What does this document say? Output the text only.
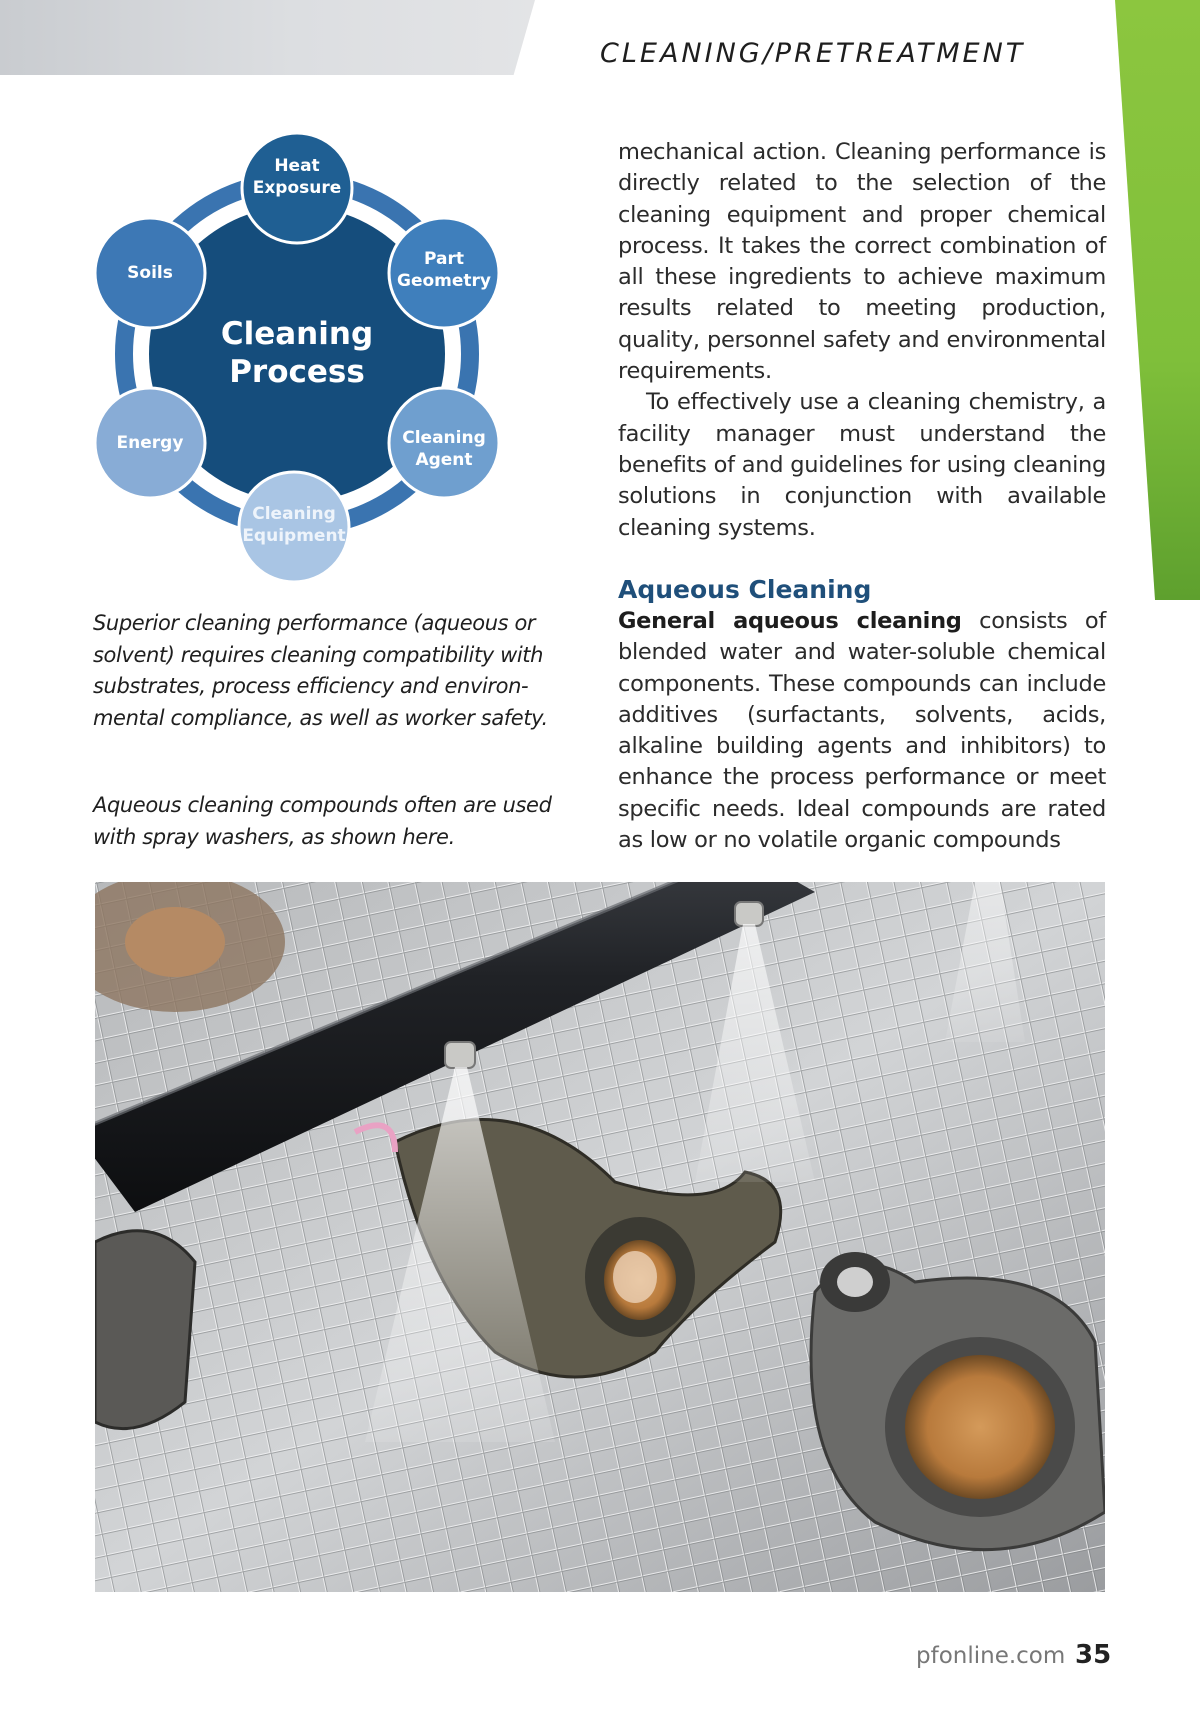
CLEANING/PRETREATMENT
Heat
Exposure
Part
Geometry
Cleaning
Agent
Cleaning
Equipment
Energy
Soils
Cleaning
Process
Superior cleaning performance (aqueous or solvent) requires cleaning compatibility with substrates, process efficiency and environmental compliance, as well as worker safety.
Aqueous cleaning compounds often are used with spray washers, as shown here.

mechanical action. Cleaning performance is directly related to the selection of the cleaning equipment and proper chemical process. It takes the correct combination of all these ingredients to achieve maximum results related to meeting production, quality, personnel safety and environmental requirements.

To effectively use a cleaning chemistry, a facility manager must understand the benefits of and guidelines for using cleaning solutions in conjunction with available cleaning systems.

Aqueous Cleaning

General aqueous cleaning consists of blended water and water-soluble chemical components. These compounds can include additives (surfactants, solvents, acids, alkaline building agents and inhibitors) to enhance the process performance or meet specific needs. Ideal compounds are rated as low or no volatile organic compounds

pfonline.com 35
